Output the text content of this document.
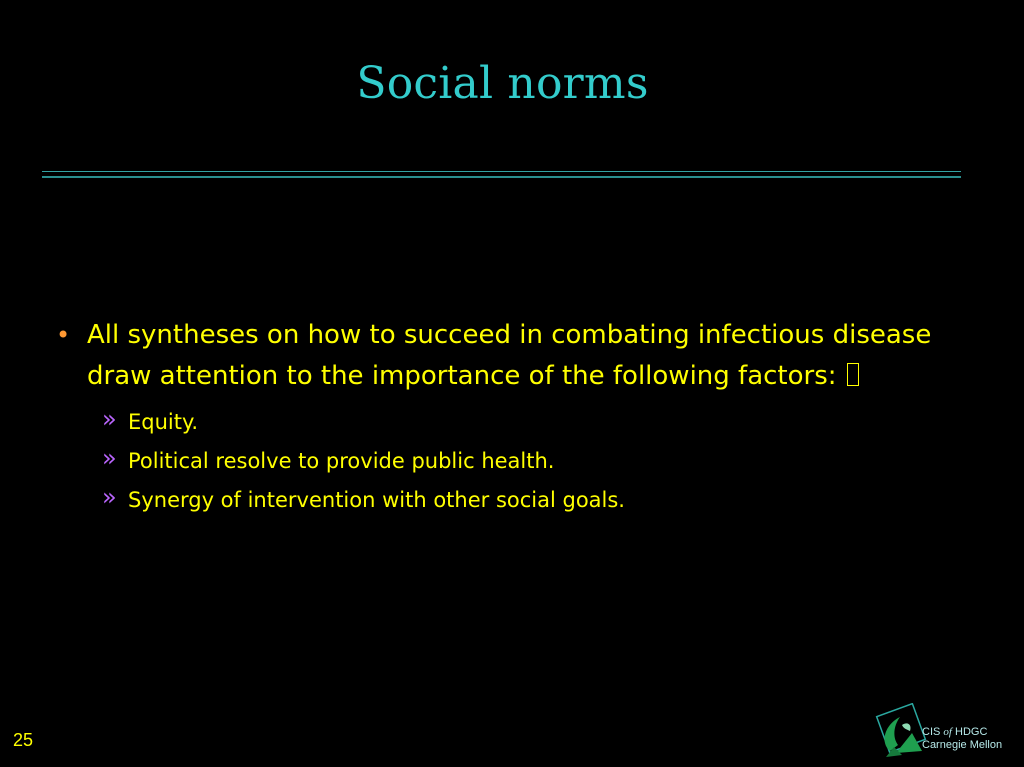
Social norms
• All syntheses on how to succeed in combating infectious disease draw attention to the importance of the following factors:
» Equity.
» Political resolve to provide public health.
» Synergy of intervention with other social goals.
25	CIS of HDGC
Carnegie Mellon
